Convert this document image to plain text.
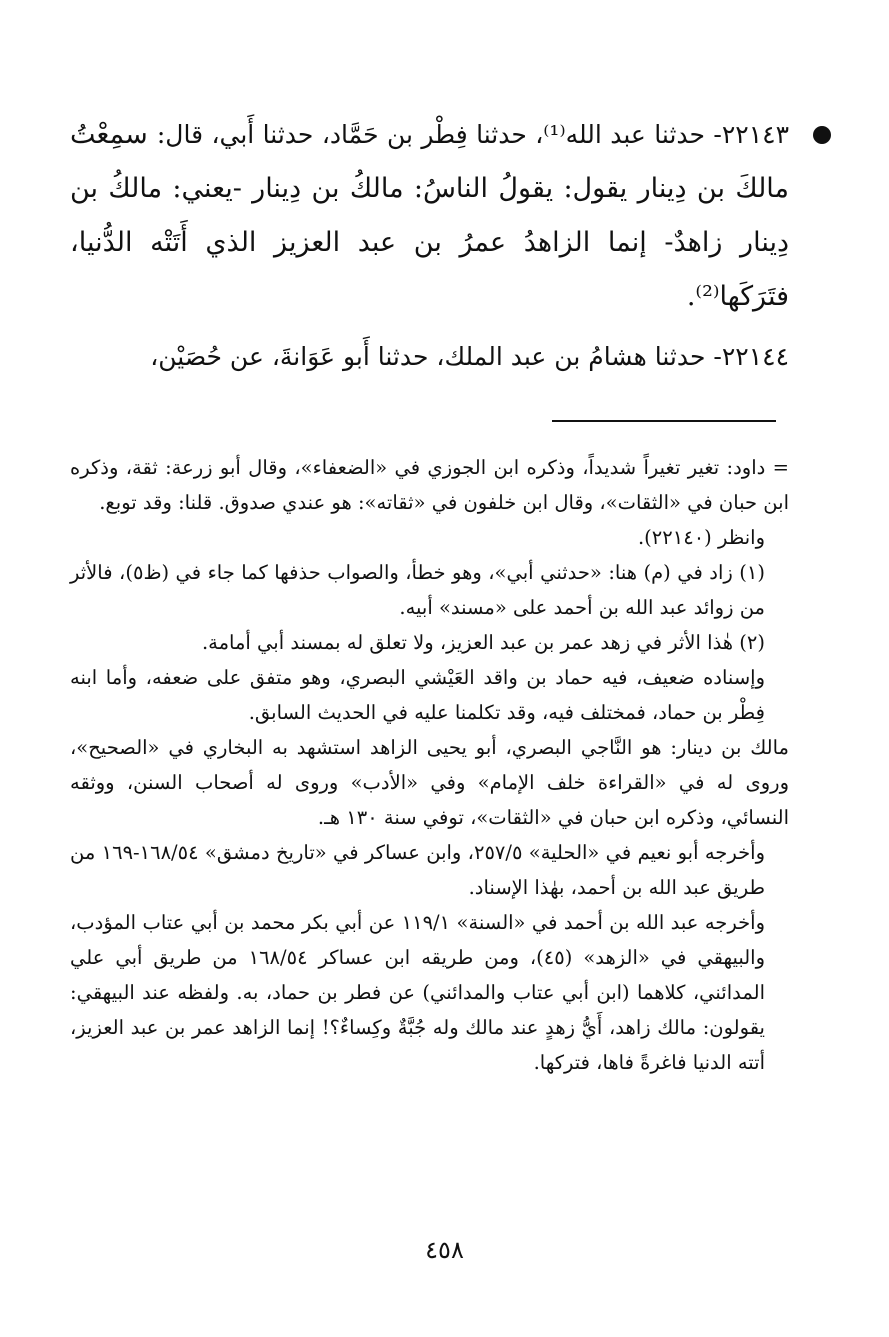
٢٢١٤٣- حدثنا عبد الله⁽¹⁾، حدثنا فِطْر بن حَمَّاد، حدثنا أَبي، قال: سمِعْتُ مالكَ بن دِينار يقول: يقولُ الناسُ: مالكُ بن دِينار -يعني: مالكُ بن دِينار زاهدٌ- إنما الزاهدُ عمرُ بن عبد العزيز الذي أَتَتْه الدُّنيا، فتَرَكَها⁽²⁾.

٢٢١٤٤- حدثنا هشامُ بن عبد الملك، حدثنا أَبو عَوَانةَ، عن حُصَيْن،

= داود: تغير تغيراً شديداً، وذكره ابن الجوزي في «الضعفاء»، وقال أبو زرعة: ثقة، وذكره ابن حبان في «الثقات»، وقال ابن خلفون في «ثقاته»: هو عندي صدوق. قلنا: وقد توبع.

وانظر (٢٢١٤٠).

(١) زاد في (م) هنا: «حدثني أبي»، وهو خطأ، والصواب حذفها كما جاء في (ظ٥)، فالأثر من زوائد عبد الله بن أحمد على «مسند» أبيه.

(٢) هٰذا الأثر في زهد عمر بن عبد العزيز، ولا تعلق له بمسند أبي أمامة.

وإسناده ضعيف، فيه حماد بن واقد العَيْشي البصري، وهو متفق على ضعفه، وأما ابنه فِطْر بن حماد، فمختلف فيه، وقد تكلمنا عليه في الحديث السابق.

مالك بن دينار: هو النَّاجي البصري، أبو يحيى الزاهد استشهد به البخاري في «الصحيح»، وروى له في «القراءة خلف الإمام» وفي «الأدب» وروى له أصحاب السنن، ووثقه النسائي، وذكره ابن حبان في «الثقات»، توفي سنة ١٣٠ هـ.

وأخرجه أبو نعيم في «الحلية» ٢٥٧/٥، وابن عساكر في «تاريخ دمشق» ١٦٨/٥٤-١٦٩ من طريق عبد الله بن أحمد، بهٰذا الإسناد.

وأخرجه عبد الله بن أحمد في «السنة» ١١٩/١ عن أبي بكر محمد بن أبي عتاب المؤدب، والبيهقي في «الزهد» (٤٥)، ومن طريقه ابن عساكر ١٦٨/٥٤ من طريق أبي علي المدائني، كلاهما (ابن أبي عتاب والمدائني) عن فطر بن حماد، به. ولفظه عند البيهقي: يقولون: مالك زاهد، أَيُّ زهدٍ عند مالك وله جُبَّةٌ وكِساءٌ؟! إنما الزاهد عمر بن عبد العزيز، أتته الدنيا فاغرةً فاها، فتركها.

٤٥٨
